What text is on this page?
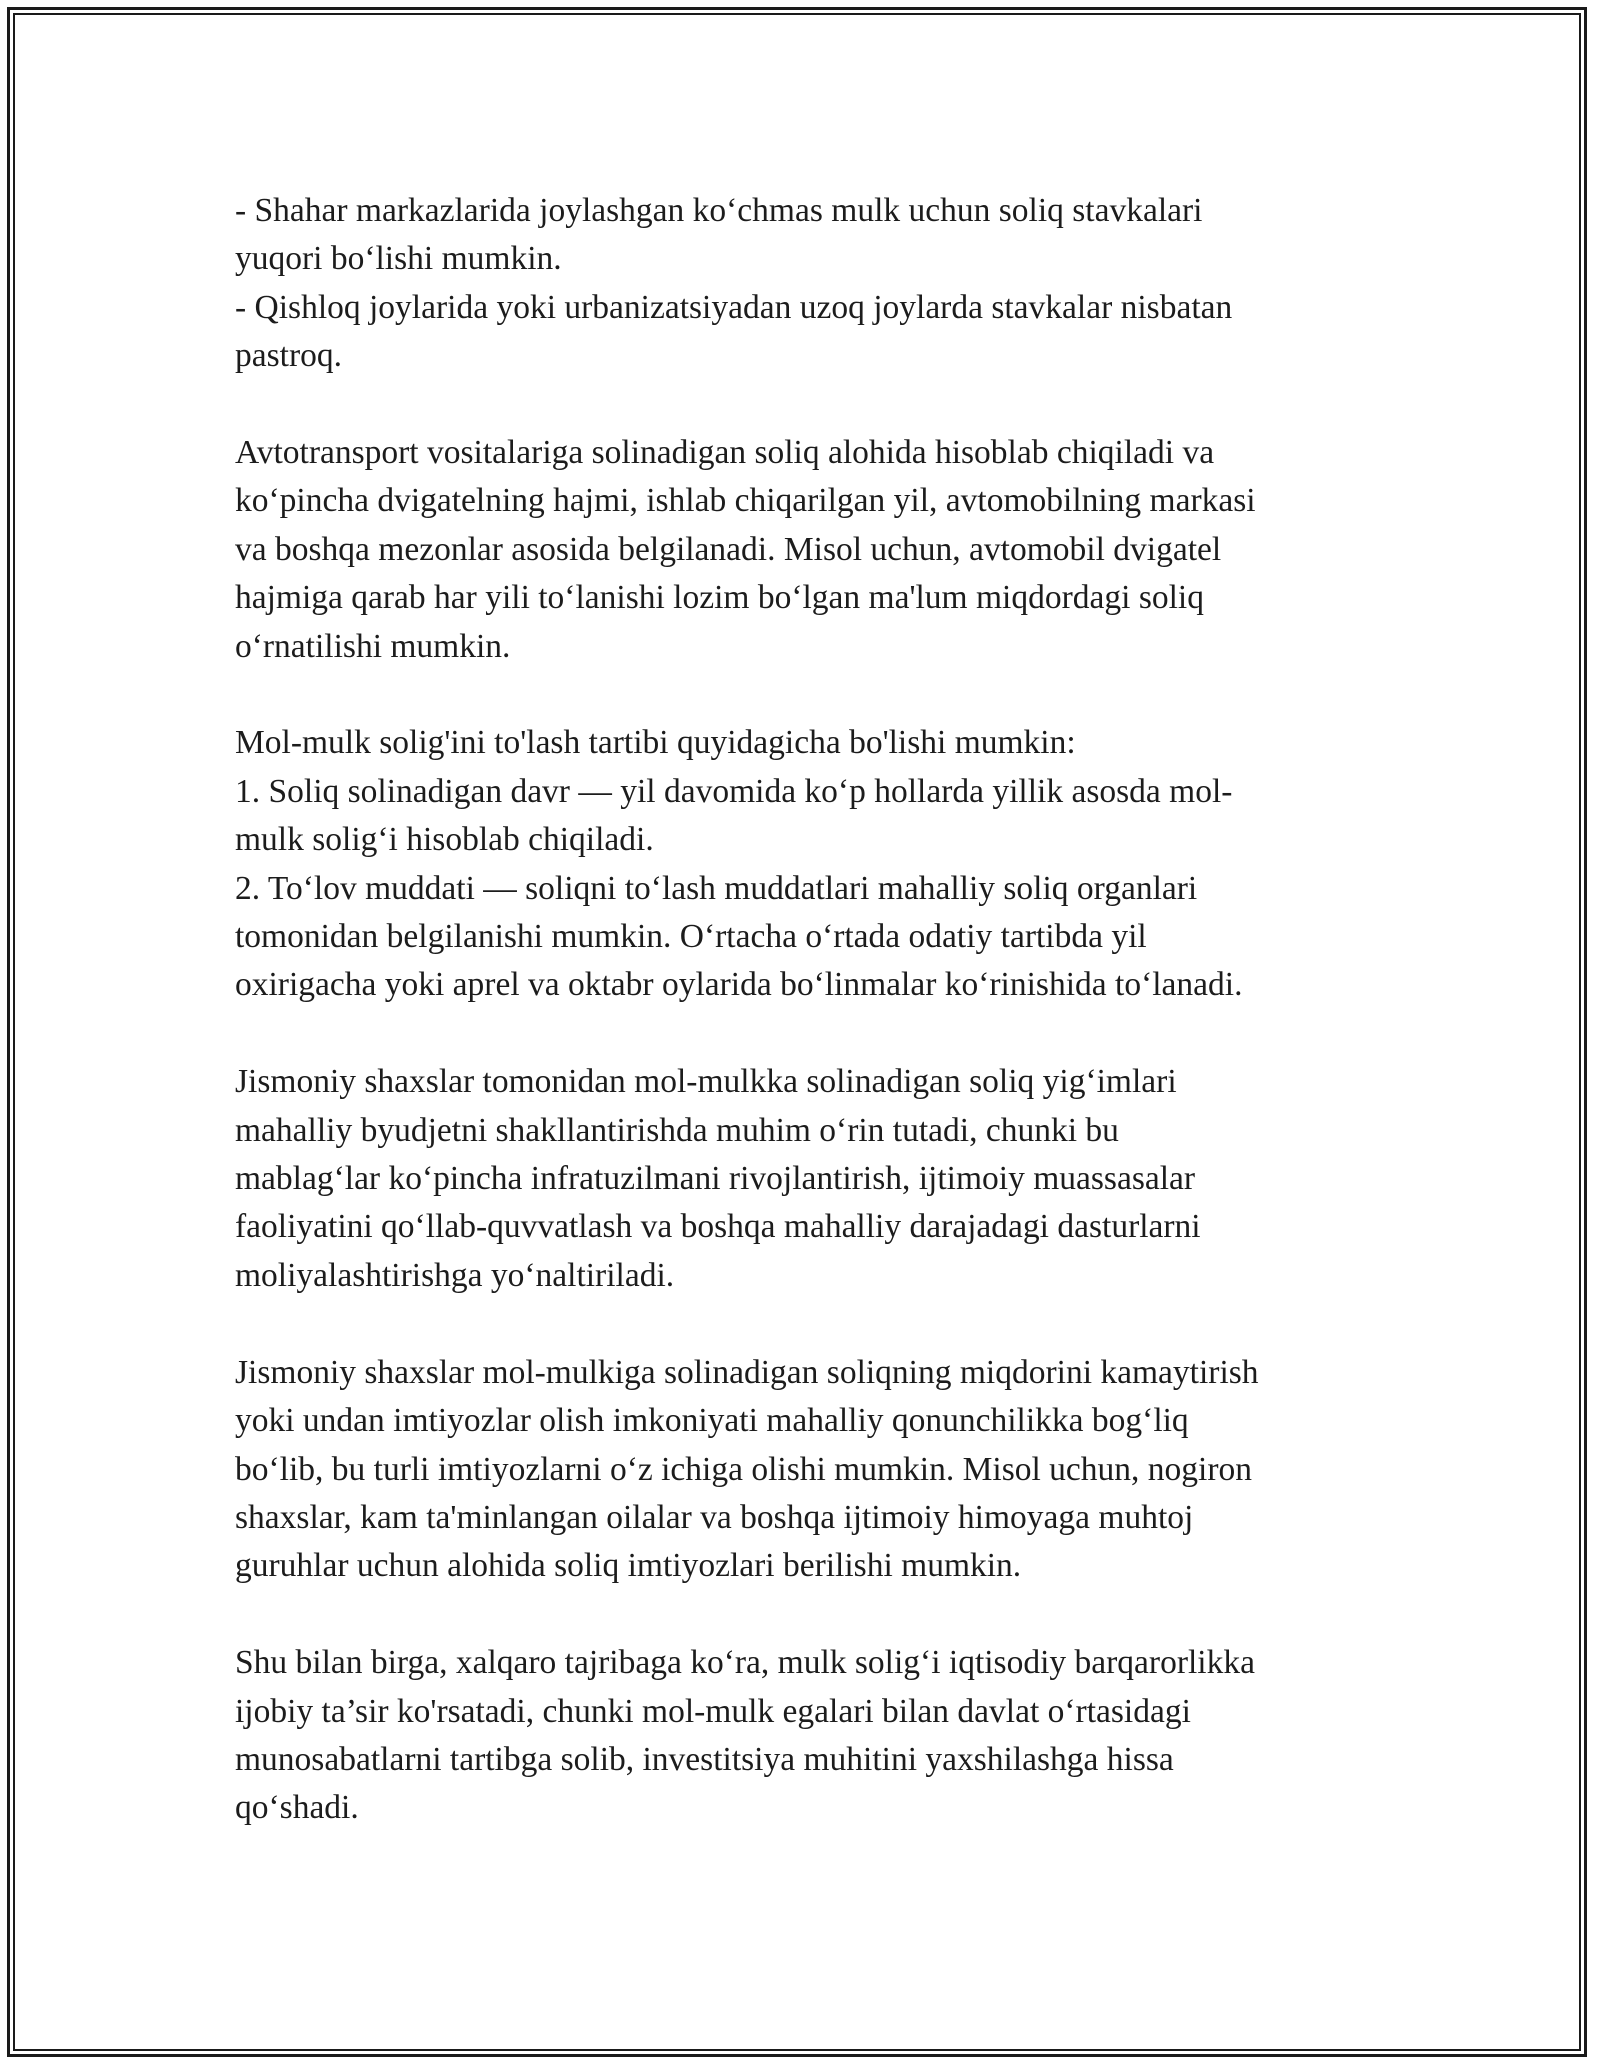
- Shahar markazlarida joylashgan ko‘chmas mulk uchun soliq stavkalari
yuqori bo‘lishi mumkin.
- Qishloq joylarida yoki urbanizatsiyadan uzoq joylarda stavkalar nisbatan
pastroq.
Avtotransport vositalariga solinadigan soliq alohida hisoblab chiqiladi va
ko‘pincha dvigatelning hajmi, ishlab chiqarilgan yil, avtomobilning markasi
va boshqa mezonlar asosida belgilanadi. Misol uchun, avtomobil dvigatel
hajmiga qarab har yili to‘lanishi lozim bo‘lgan ma'lum miqdordagi soliq
o‘rnatilishi mumkin.
Mol-mulk solig'ini to'lash tartibi quyidagicha bo'lishi mumkin:
1. Soliq solinadigan davr — yil davomida ko‘p hollarda yillik asosda mol-
mulk solig‘i hisoblab chiqiladi.
2. To‘lov muddati — soliqni to‘lash muddatlari mahalliy soliq organlari
tomonidan belgilanishi mumkin. O‘rtacha o‘rtada odatiy tartibda yil
oxirigacha yoki aprel va oktabr oylarida bo‘linmalar ko‘rinishida to‘lanadi.
Jismoniy shaxslar tomonidan mol-mulkka solinadigan soliq yig‘imlari
mahalliy byudjetni shakllantirishda muhim o‘rin tutadi, chunki bu
mablag‘lar ko‘pincha infratuzilmani rivojlantirish, ijtimoiy muassasalar
faoliyatini qo‘llab-quvvatlash va boshqa mahalliy darajadagi dasturlarni
moliyalashtirishga yo‘naltiriladi.
Jismoniy shaxslar mol-mulkiga solinadigan soliqning miqdorini kamaytirish
yoki undan imtiyozlar olish imkoniyati mahalliy qonunchilikka bog‘liq
bo‘lib, bu turli imtiyozlarni o‘z ichiga olishi mumkin. Misol uchun, nogiron
shaxslar, kam ta'minlangan oilalar va boshqa ijtimoiy himoyaga muhtoj
guruhlar uchun alohida soliq imtiyozlari berilishi mumkin.
Shu bilan birga, xalqaro tajribaga ko‘ra, mulk solig‘i iqtisodiy barqarorlikka
ijobiy ta’sir ko'rsatadi, chunki mol-mulk egalari bilan davlat o‘rtasidagi
munosabatlarni tartibga solib, investitsiya muhitini yaxshilashga hissa
qo‘shadi.
